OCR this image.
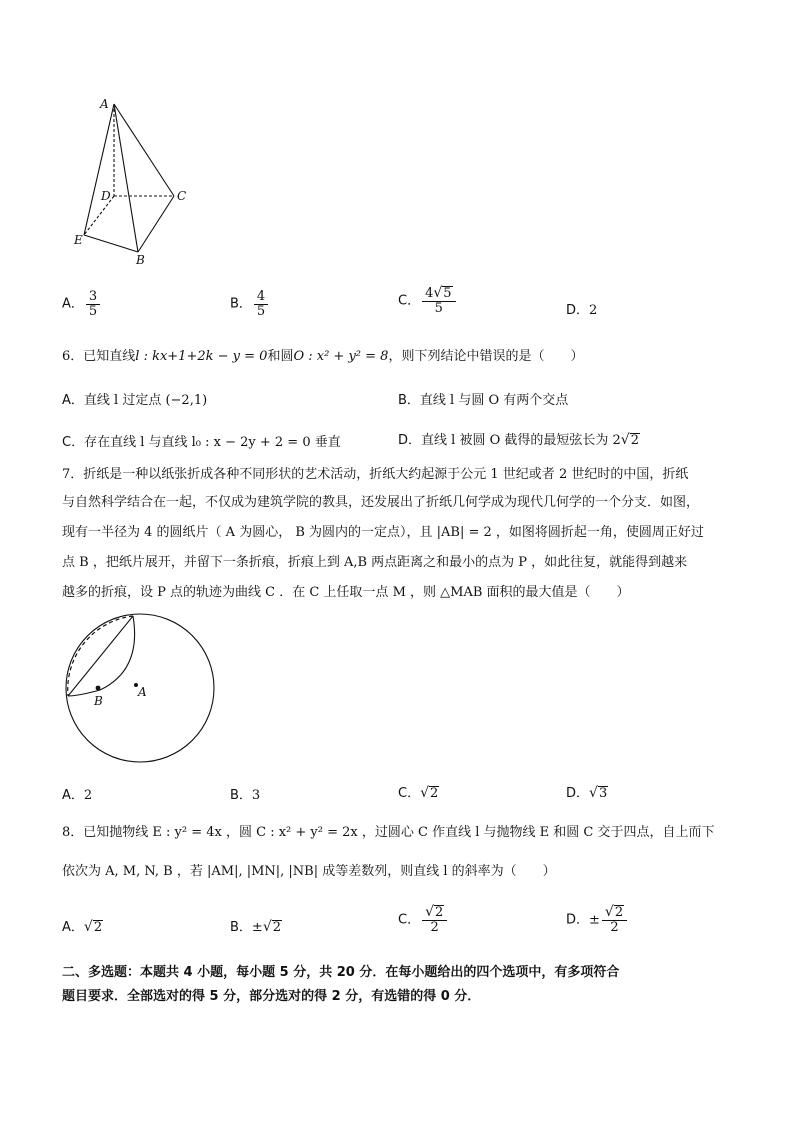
A
D	C
E
B
A． $\frac{3}{5}$	B． $\frac{4}{5}$	C． $\frac{4 √ 5}{5}$	D．2
6．已知直线l : kx+1+2k − y = 0和圆O : x² + y² = 8，则下列结论中错误的是（　　）
A．直线 l 过定点 (−2,1)	B．直线 l 与圆 O 有两个交点
C．存在直线 l 与直线 l₀ : x − 2y + 2 = 0 垂直	D．直线 l 被圆 O 截得的最短弦长为 2 √ 2
7．折纸是一种以纸张折成各种不同形状的艺术活动，折纸大约起源于公元 1 世纪或者 2 世纪时的中国，折纸
与自然科学结合在一起，不仅成为建筑学院的教具，还发展出了折纸几何学成为现代几何学的一个分支．如图，
现有一半径为 4 的圆纸片（ A 为圆心， B 为圆内的一定点），且 |AB| = 2 ，如图将圆折起一角，使圆周正好过
点 B ，把纸片展开，并留下一条折痕，折痕上到 A,B 两点距离之和最小的点为 P ，如此往复，就能得到越来
越多的折痕，设 P 点的轨迹为曲线 C ．在 C 上任取一点 M ，则 △MAB 面积的最大值是（　　）
B
A
A．2	B．3	C． √ 2	D． √ 3
8．已知抛物线 E : y² = 4x ，圆 C : x² + y² = 2x ，过圆心 C 作直线 l 与抛物线 E 和圆 C 交于四点，自上而下
依次为 A, M, N, B ，若 |AM|, |MN|, |NB| 成等差数列，则直线 l 的斜率为（　　）
A． √ 2	B．± √ 2	C． $\frac{√ 2}{2}$	D．± $\frac{√ 2}{2}$
二、多选题：本题共 4 小题，每小题 5 分，共 20 分．在每小题给出的四个选项中，有多项符合
题目要求．全部选对的得 5 分，部分选对的得 2 分，有选错的得 0 分．
